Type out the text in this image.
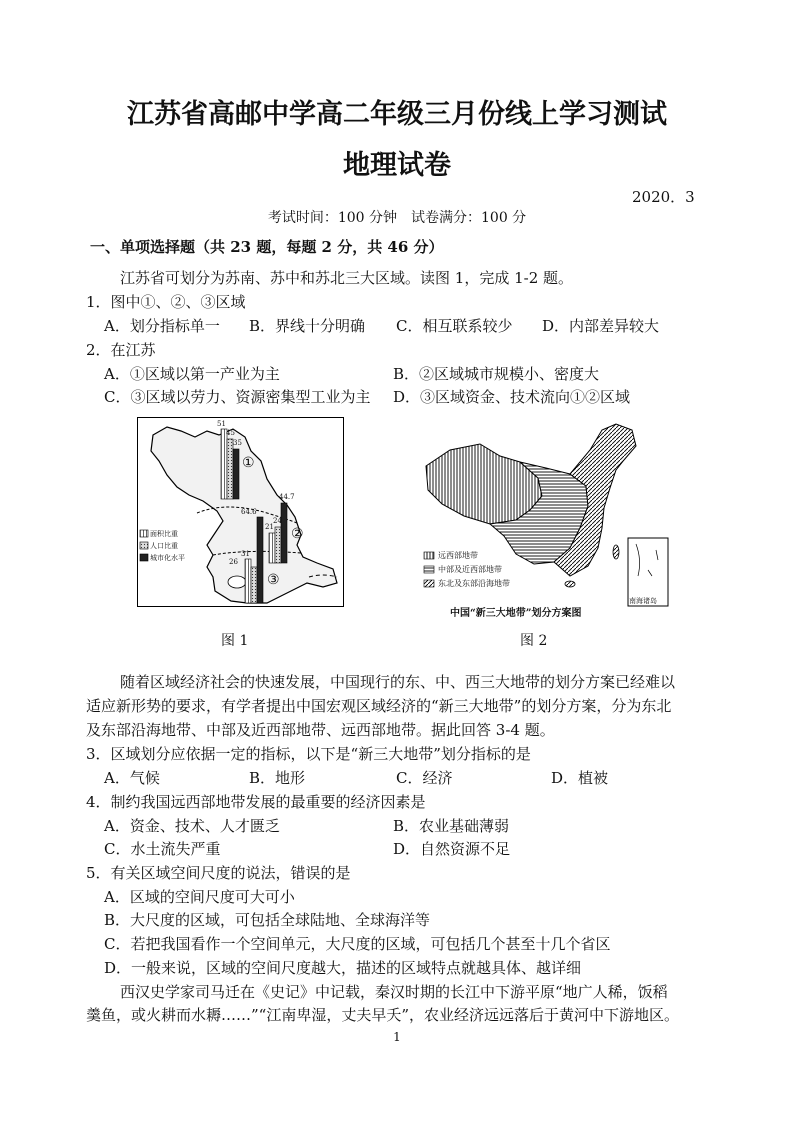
江苏省高邮中学高二年级三月份线上学习测试
地理试卷
2020．3
考试时间：100 分钟　试卷满分：100 分
一、单项选择题（共 23 题，每题 2 分，共 46 分）
江苏省可划分为苏南、苏中和苏北三大区域。读图 1，完成 1-2 题。
1．图中①、②、③区域
A．划分指标单一 B．界线十分明确 C．相互联系较少 D．内部差异较大
2．在江苏
A．①区域以第一产业为主	B．②区域城市规模小、密度大
C．③区域以劳力、资源密集型工业为主 D．③区域资金、技术流向①②区域
面积比重
人口比重
城市化水平
①
②
③
51
45
35
44.7
64.6
21
24
31
26
图 1
远西部地带
中部及近西部地带
东北及东部沿海地带
中国“新三大地带”划分方案图
南海诸岛
图 2
随着区域经济社会的快速发展，中国现行的东、中、西三大地带的划分方案已经难以
适应新形势的要求，有学者提出中国宏观区域经济的“新三大地带”的划分方案，分为东北
及东部沿海地带、中部及近西部地带、远西部地带。据此回答 3-4 题。
3．区域划分应依据一定的指标，以下是“新三大地带”划分指标的是
A．气候	B．地形	C．经济	D．植被
4．制约我国远西部地带发展的最重要的经济因素是
A．资金、技术、人才匮乏	B．农业基础薄弱
C．水土流失严重	D．自然资源不足
5．有关区域空间尺度的说法，错误的是
A．区域的空间尺度可大可小
B．大尺度的区域，可包括全球陆地、全球海洋等
C．若把我国看作一个空间单元，大尺度的区域，可包括几个甚至十几个省区
D．一般来说，区域的空间尺度越大，描述的区域特点就越具体、越详细
西汉史学家司马迁在《史记》中记载，秦汉时期的长江中下游平原“地广人稀，饭稻
羹鱼，或火耕而水耨……”“江南卑湿，丈夫早夭”，农业经济远远落后于黄河中下游地区。
1
